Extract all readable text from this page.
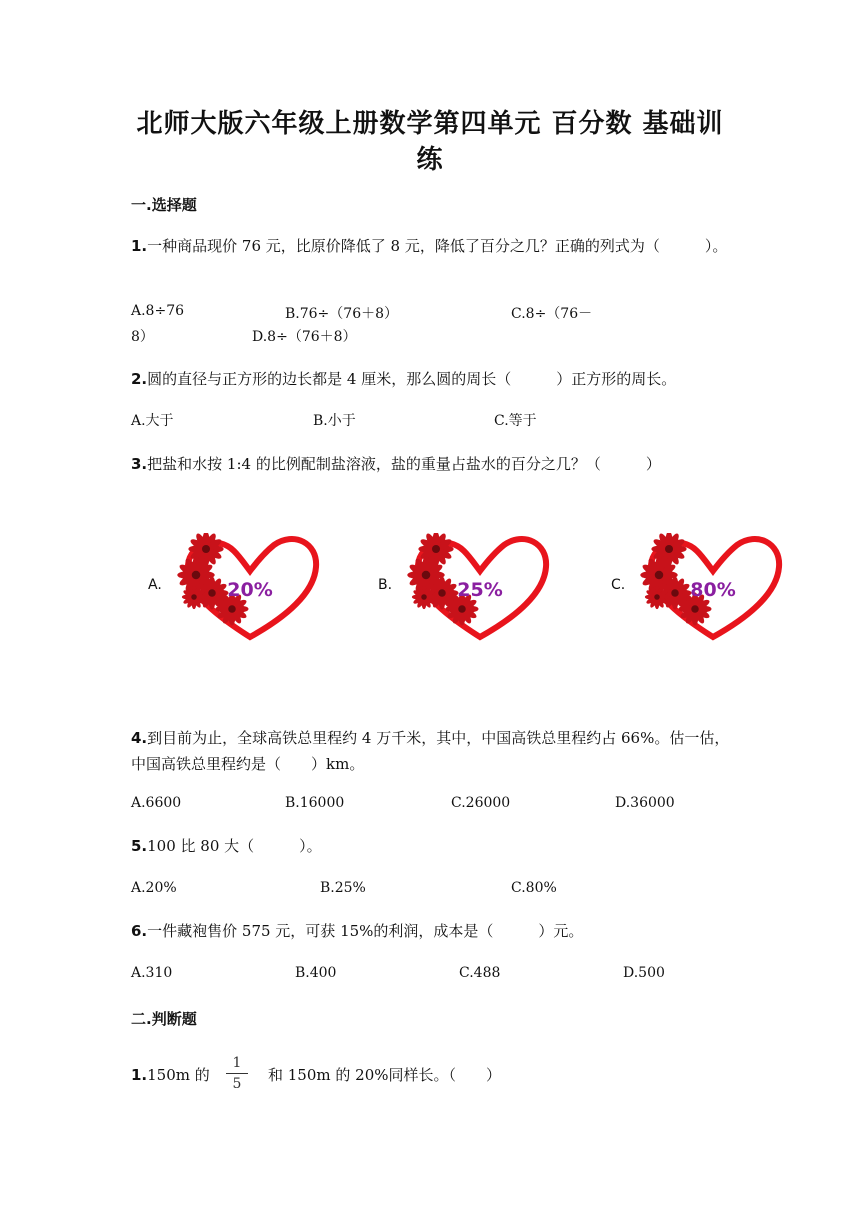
北师大版六年级上册数学第四单元 百分数 基础训
练
一.选择题
1.一种商品现价 76 元，比原价降低了 8 元，降低了百分之几？正确的列式为（　　　）。
A.8÷76	B.76÷（76＋8）	C.8÷（76－
8）	D.8÷（76＋8）
2.圆的直径与正方形的边长都是 4 厘米，那么圆的周长（　　　）正方形的周长。
A.大于	B.小于	C.等于
3.把盐和水按 1:4 的比例配制盐溶液，盐的重量占盐水的百分之几？（　　　）
A.	20%	B.	25%	C.	80%
4.到目前为止，全球高铁总里程约 4 万千米，其中，中国高铁总里程约占 66%。估一估，中国高铁总里程约是（　　）km。
A.6600	B.16000	C.26000	D.36000
5.100 比 80 大（　　　）。
A.20%	B.25%	C.80%
6.一件藏袍售价 575 元，可获 15%的利润，成本是（　　　）元。
A.310	B.400	C.488	D.500
二.判断题
1.150m 的
1
5	和 150m 的 20%同样长。（　　）
